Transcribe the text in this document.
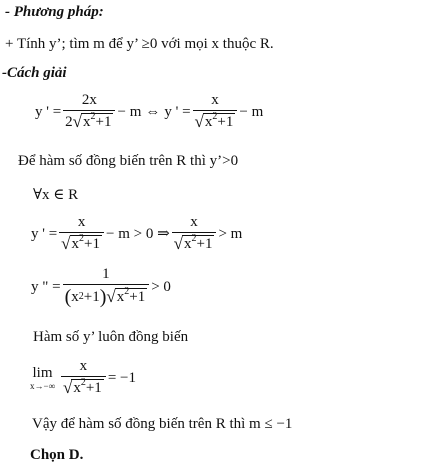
- Phương pháp:
+ Tính y’; tìm m để y’ ≥0 với mọi x thuộc R.
-Cách giải
y ' = $\frac{2x}{2 √ x^2+1} - m$ ⇔ y ' = $\frac{x}{√ x^2+1} - m$
Để hàm số đồng biến trên R thì y’>0
∀x ∈ R
y ' = $\frac{x}{√ x^2+1} - m > 0$ ⇒ $\frac{x}{√ x^2+1} > m$
y " = $\frac{1}{( x 2 +1 ) √ x^2+1} > 0$
Hàm số y’ luôn đồng biến
lim
$x\to-\infty \frac{x}{√ x^2+1} = -1$
Vậy để hàm số đồng biến trên R thì m ≤ −1
Chọn D.
